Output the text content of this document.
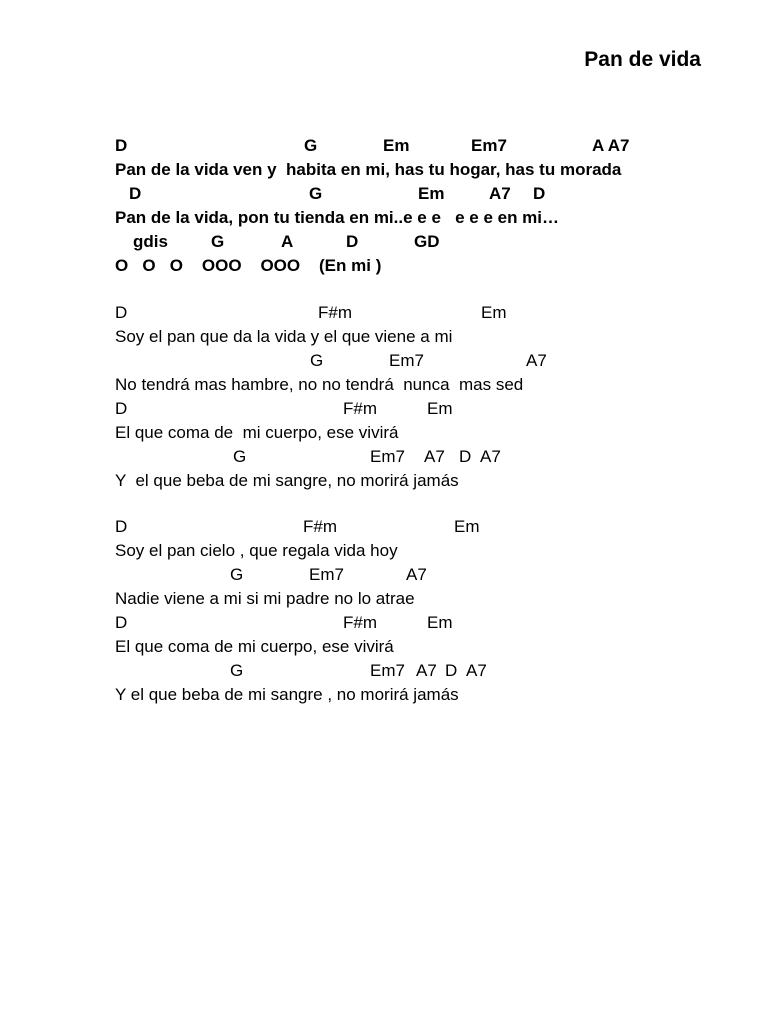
Pan de vida
D	G	Em	Em7	A A7
Pan de la vida ven y  habita en mi, has tu hogar, has tu morada
D	G	Em	A7 D
Pan de la vida, pon tu tienda en mi..e e e   e e e en mi…
gdis	G	A	D	GD
O   O   O    OOO    OOO    (En mi )
D	F#m	Em
Soy el pan que da la vida y el que viene a mi
G	Em7	A7
No tendrá mas hambre, no no tendrá  nunca  mas sed
D	F#m	Em
El que coma de  mi cuerpo, ese vivirá
G	Em7 A7 D A7
Y  el que beba de mi sangre, no morirá jamás
D	F#m	Em
Soy el pan cielo , que regala vida hoy
G	Em7	A7
Nadie viene a mi si mi padre no lo atrae
D	F#m	Em
El que coma de mi cuerpo, ese vivirá
G	Em7 A7 D A7
Y el que beba de mi sangre , no morirá jamás
